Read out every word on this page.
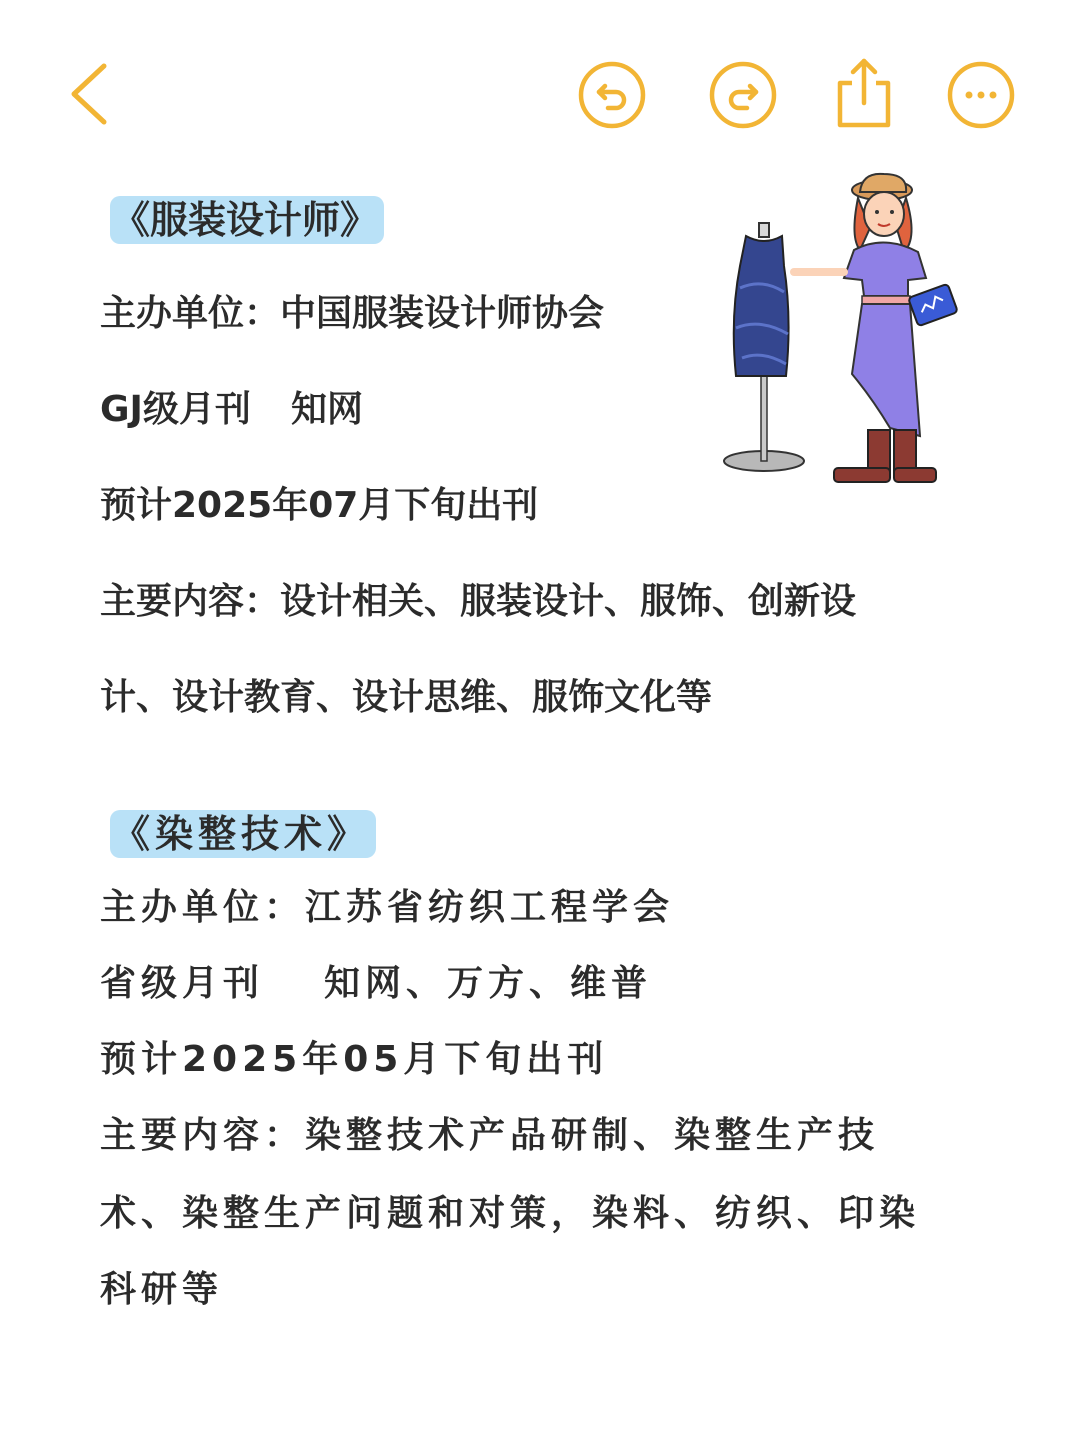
《服装设计师》
主办单位：中国服装设计师协会
GJ级月刊 知网
预计2025年07月下旬出刊
主要内容：设计相关、服装设计、服饰、创新设
计、设计教育、设计思维、服饰文化等
《染整技术》
主办单位：江苏省纺织工程学会
省级月刊 知网、万方、维普
预计2025年05月下旬出刊
主要内容：染整技术产品研制、染整生产技
术、染整生产问题和对策，染料、纺织、印染
科研等
